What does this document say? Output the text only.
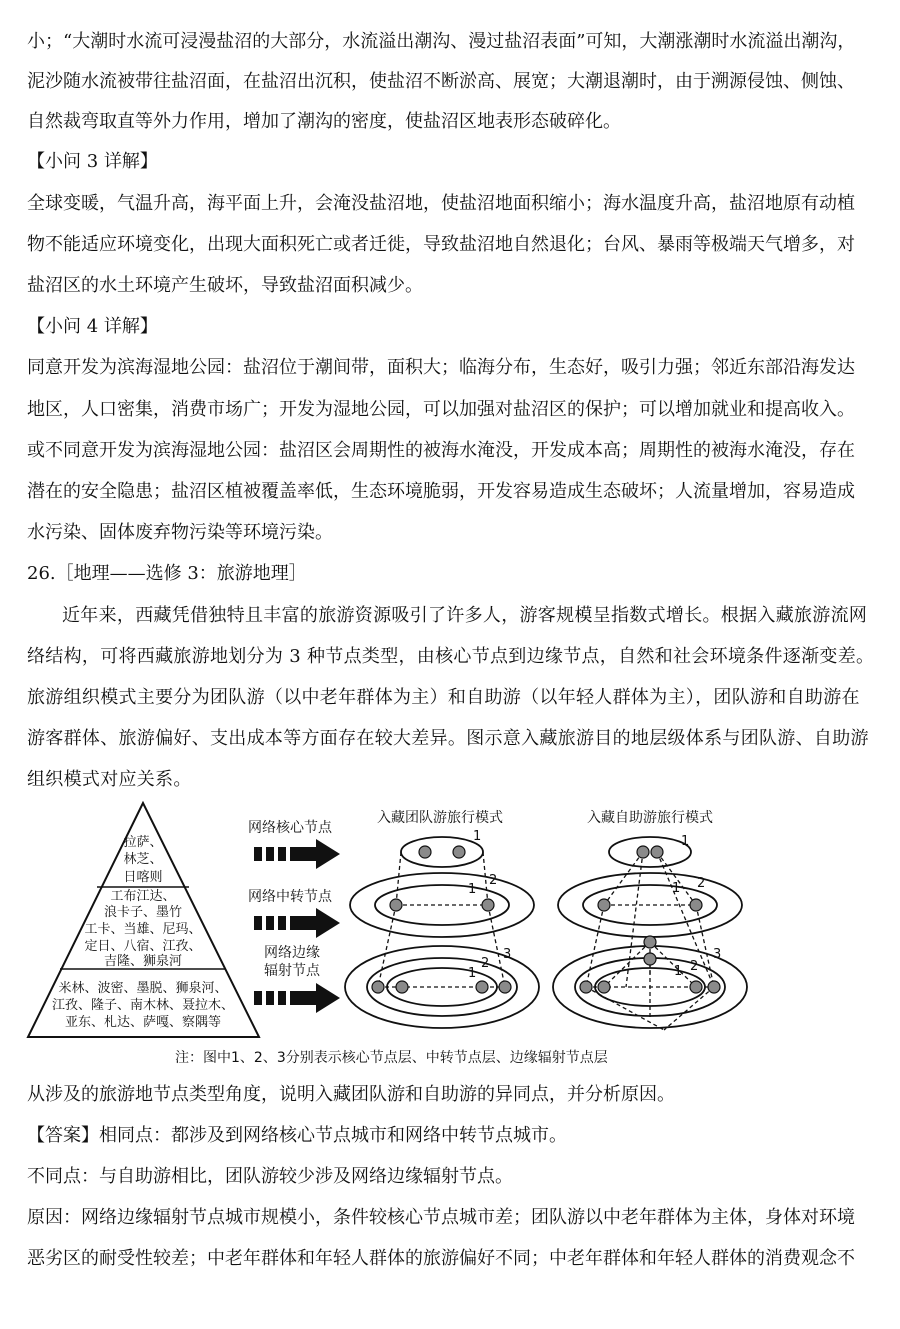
小；“大潮时水流可浸漫盐沼的大部分，水流溢出潮沟、漫过盐沼表面”可知，大潮涨潮时水流溢出潮沟，

泥沙随水流被带往盐沼面，在盐沼出沉积，使盐沼不断淤高、展宽；大潮退潮时，由于溯源侵蚀、侧蚀、

自然裁弯取直等外力作用，增加了潮沟的密度，使盐沼区地表形态破碎化。

【小问 3 详解】

全球变暖，气温升高，海平面上升，会淹没盐沼地，使盐沼地面积缩小；海水温度升高，盐沼地原有动植

物不能适应环境变化，出现大面积死亡或者迁徙，导致盐沼地自然退化；台风、暴雨等极端天气增多，对

盐沼区的水土环境产生破坏，导致盐沼面积减少。

【小问 4 详解】

同意开发为滨海湿地公园：盐沼位于潮间带，面积大；临海分布，生态好，吸引力强；邻近东部沿海发达

地区，人口密集，消费市场广；开发为湿地公园，可以加强对盐沼区的保护；可以增加就业和提高收入。

或不同意开发为滨海湿地公园：盐沼区会周期性的被海水淹没，开发成本高；周期性的被海水淹没，存在

潜在的安全隐患；盐沼区植被覆盖率低，生态环境脆弱，开发容易造成生态破坏；人流量增加，容易造成

水污染、固体废弃物污染等环境污染。

26.［地理——选修 3：旅游地理］

近年来，西藏凭借独特且丰富的旅游资源吸引了许多人，游客规模呈指数式增长。根据入藏旅游流网

络结构，可将西藏旅游地划分为 3 种节点类型，由核心节点到边缘节点，自然和社会环境条件逐渐变差。

旅游组织模式主要分为团队游（以中老年群体为主）和自助游（以年轻人群体为主），团队游和自助游在

游客群体、旅游偏好、支出成本等方面存在较大差异。图示意入藏旅游目的地层级体系与团队游、自助游

组织模式对应关系。

拉萨、
林芝、
日喀则
工布江达、
浪卡子、墨竹
工卡、当雄、尼玛、
定日、八宿、江孜、
吉隆、狮泉河
米林、波密、墨脱、狮泉河、
江孜、隆子、南木林、聂拉木、
亚东、札达、萨嘎、察隅等
网络核心节点
网络中转节点
网络边缘
辐射节点
入藏团队游旅行模式
1
1
2
1
2
3
入藏自助游旅行模式
1
1 2
1 2
3
注：图中1、2、3分别表示核心节点层、中转节点层、边缘辐射节点层

从涉及的旅游地节点类型角度，说明入藏团队游和自助游的异同点，并分析原因。

【答案】相同点：都涉及到网络核心节点城市和网络中转节点城市。

不同点：与自助游相比，团队游较少涉及网络边缘辐射节点。

原因：网络边缘辐射节点城市规模小，条件较核心节点城市差；团队游以中老年群体为主体，身体对环境

恶劣区的耐受性较差；中老年群体和年轻人群体的旅游偏好不同；中老年群体和年轻人群体的消费观念不
